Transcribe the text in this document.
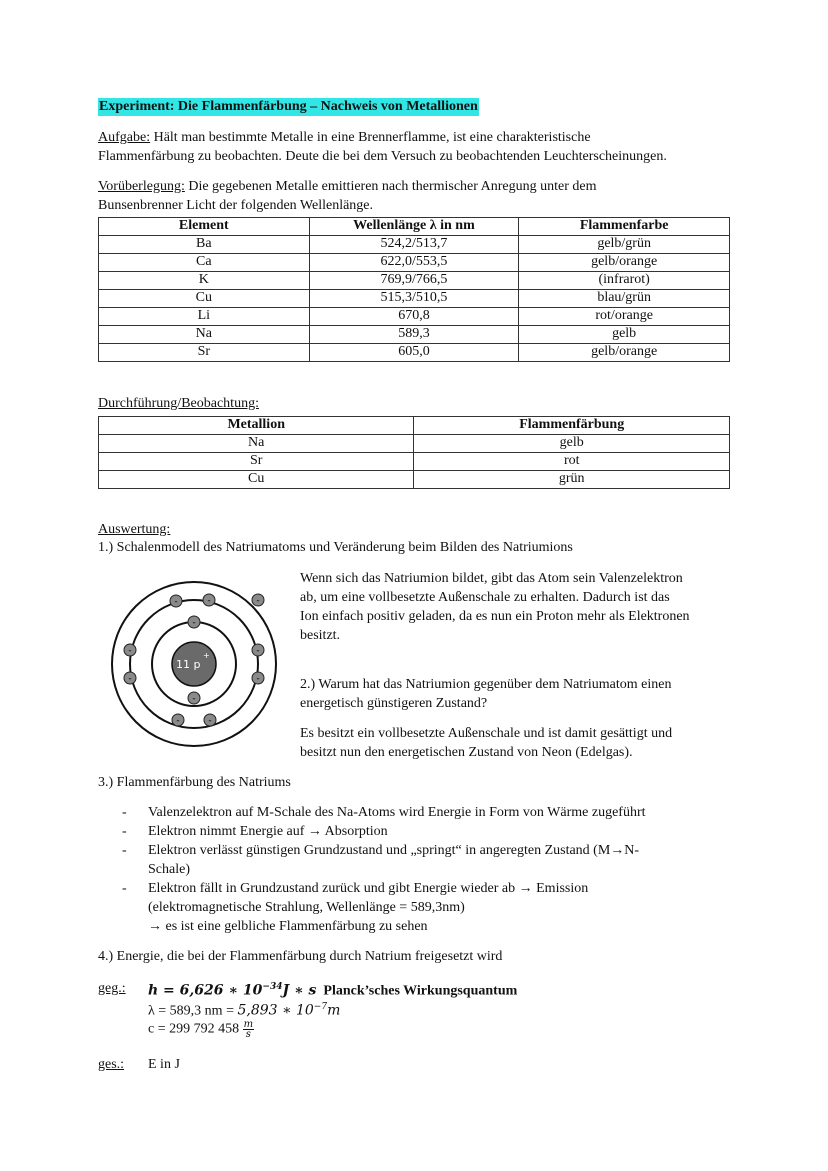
Experiment: Die Flammenfärbung – Nachweis von Metallionen
Aufgabe: Hält man bestimmte Metalle in eine Brennerflamme, ist eine charakteristische
Flammenfärbung zu beobachten. Deute die bei dem Versuch zu beobachtenden Leuchterscheinungen.
Vorüberlegung: Die gegebenen Metalle emittieren nach thermischer Anregung unter dem
Bunsenbrenner Licht der folgenden Wellenlänge.
Element	Wellenlänge λ in nm	Flammenfarbe
Ba	524,2/513,7	gelb/grün
Ca	622,0/553,5	gelb/orange
K	769,9/766,5	(infrarot)
Cu	515,3/510,5	blau/grün
Li	670,8	rot/orange
Na	589,3	gelb
Sr	605,0	gelb/orange
Durchführung/Beobachtung:
Metallion	Flammenfärbung
Na	gelb
Sr	rot
Cu	grün
Auswertung:
1.) Schalenmodell des Natriumatoms und Veränderung beim Bilden des Natriumions
11 p
+
-
-
-	-
-
-
-
-
-	-
-
Wenn sich das Natriumion bildet, gibt das Atom sein Valenzelektron
ab, um eine vollbesetzte Außenschale zu erhalten. Dadurch ist das
Ion einfach positiv geladen, da es nun ein Proton mehr als Elektronen
besitzt.
2.) Warum hat das Natriumion gegenüber dem Natriumatom einen
energetisch günstigeren Zustand?
Es besitzt ein vollbesetzte Außenschale und ist damit gesättigt und
besitzt nun den energetischen Zustand von Neon (Edelgas).
3.) Flammenfärbung des Natriums
- Valenzelektron auf M-Schale des Na-Atoms wird Energie in Form von Wärme zugeführt
- Elektron nimmt Energie auf → Absorption
- Elektron verlässt günstigen Grundzustand und „springt“ in angeregten Zustand (M→N-
Schale)
- Elektron fällt in Grundzustand zurück und gibt Energie wieder ab → Emission
(elektromagnetische Strahlung, Wellenlänge = 589,3nm)
→ es ist eine gelbliche Flammenfärbung zu sehen
4.) Energie, die bei der Flammenfärbung durch Natrium freigesetzt wird
geg.: h = 6,626 ∗ $10^{-34}J$ ∗ s Planck’sches Wirkungsquantum
λ = 589,3 nm = 5,893 ∗ $10^{-7}m$
c = 299 792 $458 \frac{m}{s}$
ges.: E in J
